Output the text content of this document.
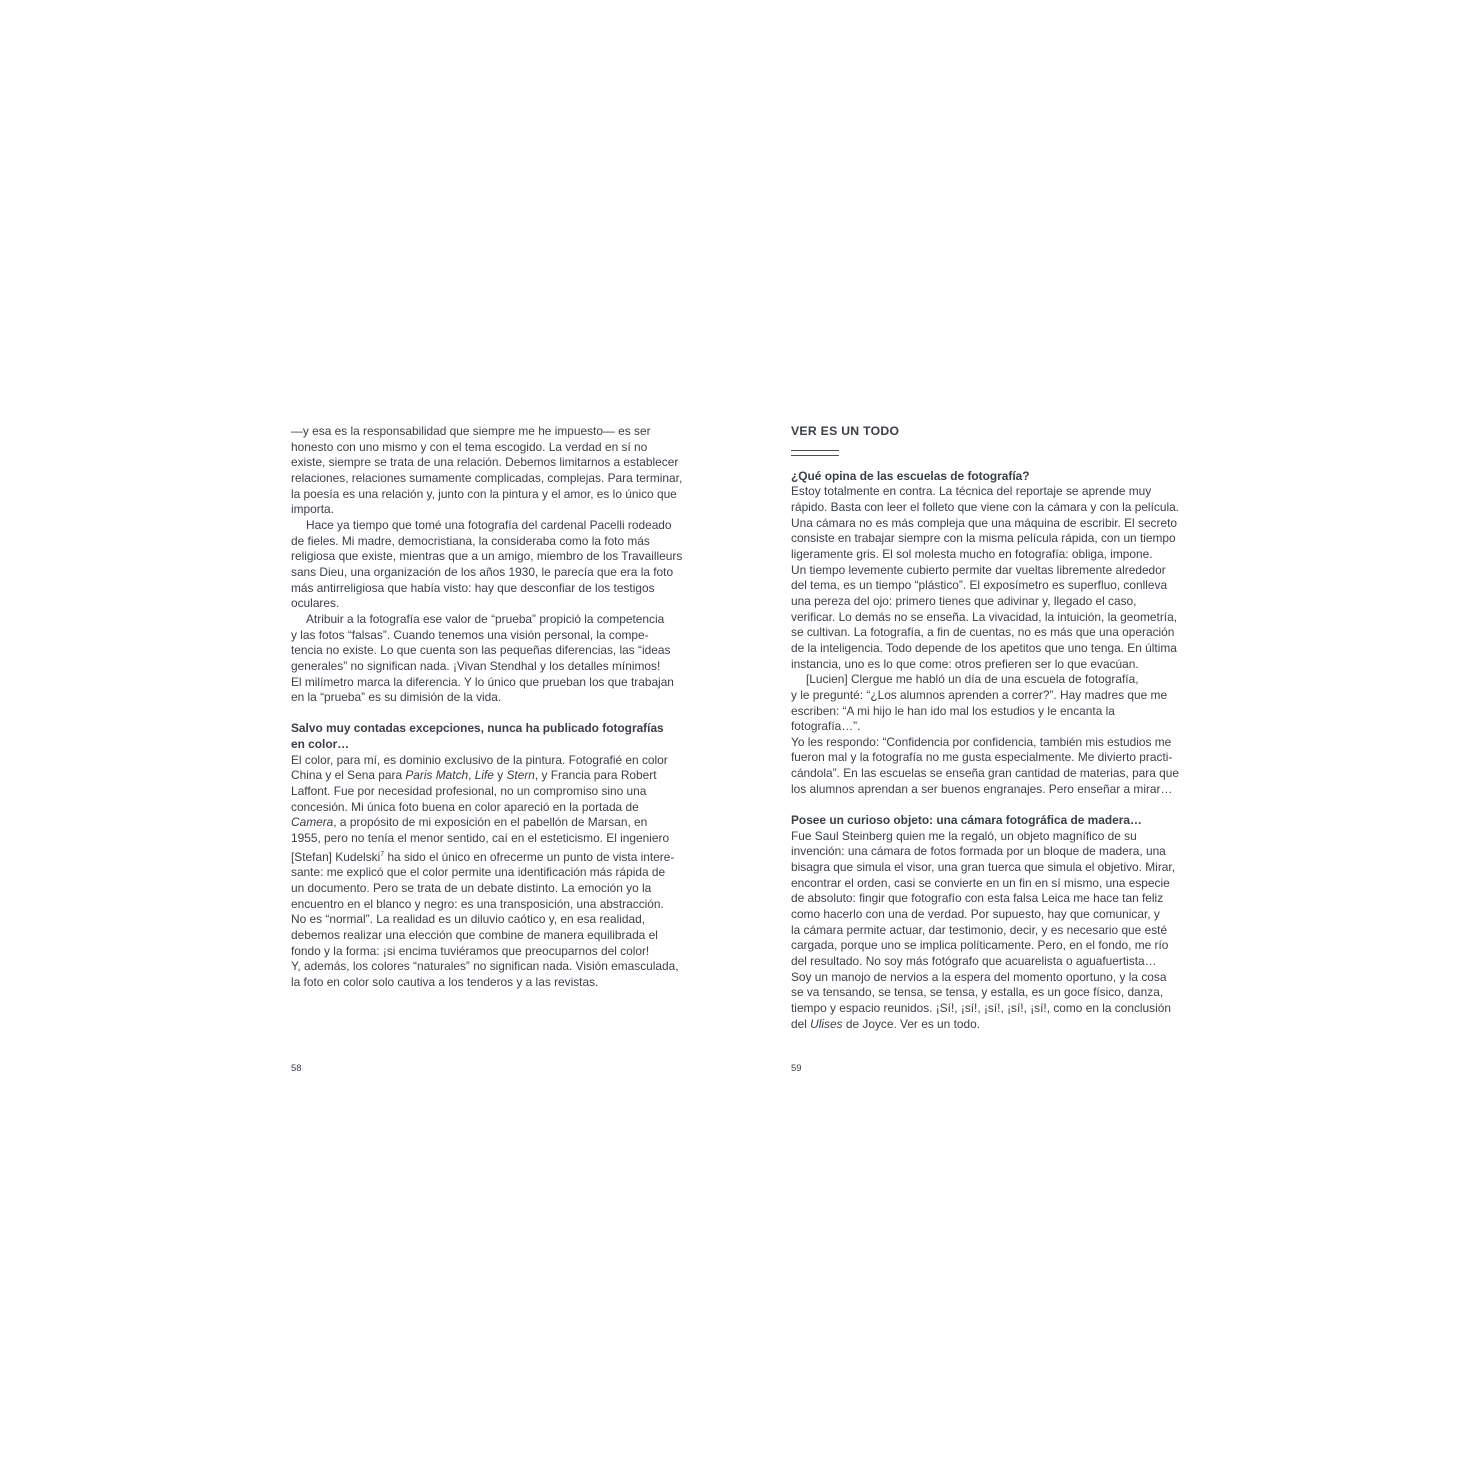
—y esa es la responsabilidad que siempre me he impuesto— es ser
honesto con uno mismo y con el tema escogido. La verdad en sí no
existe, siempre se trata de una relación. Debemos limitarnos a establecer
relaciones, relaciones sumamente complicadas, complejas. Para terminar,
la poesía es una relación y, junto con la pintura y el amor, es lo único que
importa.

Hace ya tiempo que tomé una fotografía del cardenal Pacelli rodeado
de fieles. Mi madre, democristiana, la consideraba como la foto más
religiosa que existe, mientras que a un amigo, miembro de los Travailleurs
sans Dieu, una organización de los años 1930, le parecía que era la foto
más antirreligiosa que había visto: hay que desconfiar de los testigos
oculares.

Atribuir a la fotografía ese valor de “prueba” propició la competencia
y las fotos “falsas”. Cuando tenemos una visión personal, la compe-
tencia no existe. Lo que cuenta son las pequeñas diferencias, las “ideas
generales” no significan nada. ¡Vivan Stendhal y los detalles mínimos!
El milímetro marca la diferencia. Y lo único que prueban los que trabajan
en la “prueba” es su dimisión de la vida.

Salvo muy contadas excepciones, nunca ha publicado fotografías
en color…

El color, para mí, es dominio exclusivo de la pintura. Fotografié en color
China y el Sena para Paris Match, Life y Stern, y Francia para Robert
Laffont. Fue por necesidad profesional, no un compromiso sino una
concesión. Mi única foto buena en color apareció en la portada de
Camera, a propósito de mi exposición en el pabellón de Marsan, en
1955, pero no tenía el menor sentido, caí en el esteticismo. El ingeniero
[Stefan] Kudelski$^7$ ha sido el único en ofrecerme un punto de vista intere-
sante: me explicó que el color permite una identificación más rápida de
un documento. Pero se trata de un debate distinto. La emoción yo la
encuentro en el blanco y negro: es una transposición, una abstracción.
No es “normal”. La realidad es un diluvio caótico y, en esa realidad,
debemos realizar una elección que combine de manera equilibrada el
fondo y la forma: ¡si encima tuviéramos que preocuparnos del color!
Y, además, los colores “naturales” no significan nada. Visión emasculada,
la foto en color solo cautiva a los tenderos y a las revistas.

58
VER ES UN TODO
¿Qué opina de las escuelas de fotografía?

Estoy totalmente en contra. La técnica del reportaje se aprende muy
rápido. Basta con leer el folleto que viene con la cámara y con la película.
Una cámara no es más compleja que una máquina de escribir. El secreto
consiste en trabajar siempre con la misma película rápida, con un tiempo
ligeramente gris. El sol molesta mucho en fotografía: obliga, impone.
Un tiempo levemente cubierto permite dar vueltas libremente alrededor
del tema, es un tiempo “plástico”. El exposímetro es superfluo, conlleva
una pereza del ojo: primero tienes que adivinar y, llegado el caso,
verificar. Lo demás no se enseña. La vivacidad, la intuición, la geometría,
se cultivan. La fotografía, a fin de cuentas, no es más que una operación
de la inteligencia. Todo depende de los apetitos que uno tenga. En última
instancia, uno es lo que come: otros prefieren ser lo que evacúan.

[Lucien] Clergue me habló un día de una escuela de fotografía,
y le pregunté: “¿Los alumnos aprenden a correr?”. Hay madres que me
escriben: “A mi hijo le han ido mal los estudios y le encanta la fotografía…”.
Yo les respondo: “Confidencia por confidencia, también mis estudios me
fueron mal y la fotografía no me gusta especialmente. Me divierto practi-
cándola”. En las escuelas se enseña gran cantidad de materias, para que
los alumnos aprendan a ser buenos engranajes. Pero enseñar a mirar…

Posee un curioso objeto: una cámara fotográfica de madera…

Fue Saul Steinberg quien me la regaló, un objeto magnífico de su
invención: una cámara de fotos formada por un bloque de madera, una
bisagra que simula el visor, una gran tuerca que simula el objetivo. Mirar,
encontrar el orden, casi se convierte en un fin en sí mismo, una especie
de absoluto: fingir que fotografío con esta falsa Leica me hace tan feliz
como hacerlo con una de verdad. Por supuesto, hay que comunicar, y
la cámara permite actuar, dar testimonio, decir, y es necesario que esté
cargada, porque uno se implica políticamente. Pero, en el fondo, me río
del resultado. No soy más fotógrafo que acuarelista o aguafuertista…
Soy un manojo de nervios a la espera del momento oportuno, y la cosa
se va tensando, se tensa, se tensa, y estalla, es un goce físico, danza,
tiempo y espacio reunidos. ¡Sí!, ¡sí!, ¡sí!, ¡sí!, ¡sí!, como en la conclusión
del Ulises de Joyce. Ver es un todo.

59
